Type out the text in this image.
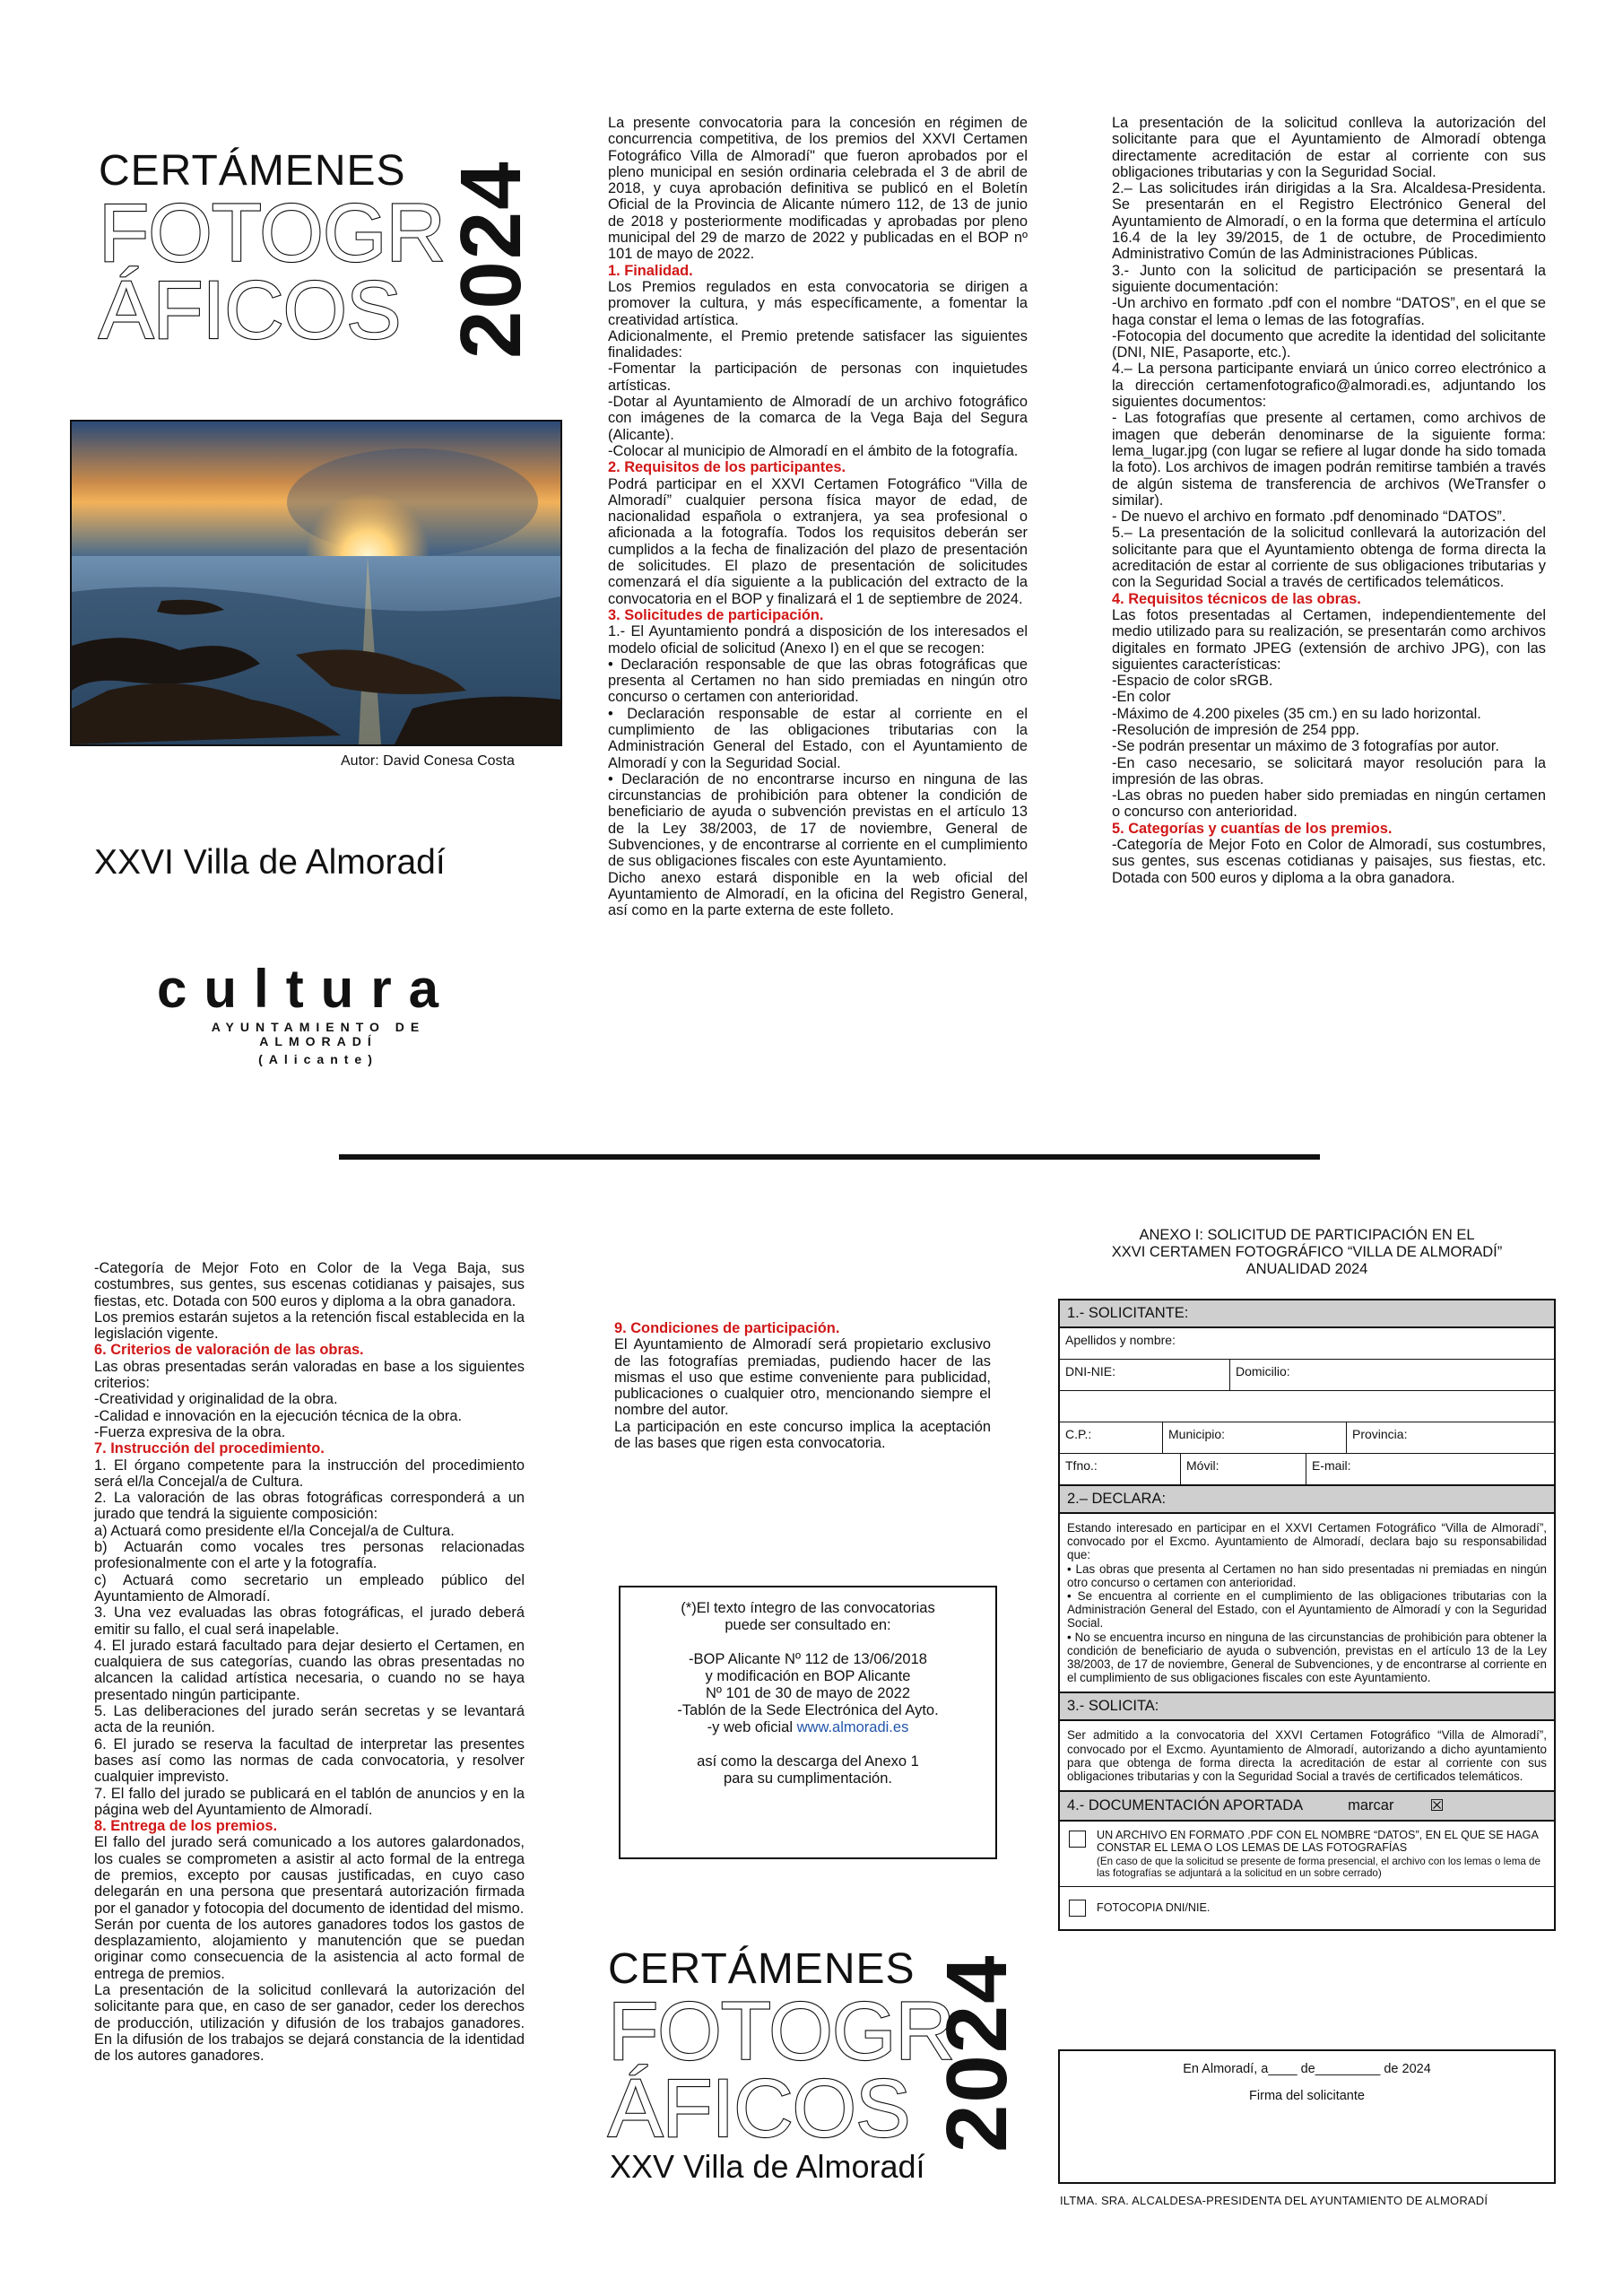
CERTÁMENES
FOTOGR
ÁFICOS 2024
Autor: David Conesa Costa
XXVI Villa de Almoradí
cultura
AYUNTAMIENTO DE ALMORADÍ
(Alicante)

La presente convocatoria para la concesión en régimen de concurrencia competitiva, de los premios del XXVI Certamen Fotográfico Villa de Almoradí" que fueron aprobados por el pleno municipal en sesión ordinaria celebrada el 3 de abril de 2018, y cuya aprobación definitiva se publicó en el Boletín Oficial de la Provincia de Alicante número 112, de 13 de junio de 2018 y posteriormente modificadas y aprobadas por pleno municipal del 29 de marzo de 2022 y publicadas en el BOP nº 101 de mayo de 2022.

1. Finalidad.

Los Premios regulados en esta convocatoria se dirigen a promover la cultura, y más específicamente, a fomentar la creatividad artística.

Adicionalmente, el Premio pretende satisfacer las siguientes finalidades:

-Fomentar la participación de personas con inquietudes artísticas.

-Dotar al Ayuntamiento de Almoradí de un archivo fotográfico con imágenes de la comarca de la Vega Baja del Segura (Alicante).

-Colocar al municipio de Almoradí en el ámbito de la fotografía.

2. Requisitos de los participantes.

Podrá participar en el XXVI Certamen Fotográfico “Villa de Almoradí” cualquier persona física mayor de edad, de nacionalidad española o extranjera, ya sea profesional o aficionada a la fotografía. Todos los requisitos deberán ser cumplidos a la fecha de finalización del plazo de presentación de solicitudes. El plazo de presentación de solicitudes comenzará el día siguiente a la publicación del extracto de la convocatoria en el BOP y finalizará el 1 de septiembre de 2024.

3. Solicitudes de participación.

1.- El Ayuntamiento pondrá a disposición de los interesados el modelo oficial de solicitud (Anexo I) en el que se recogen:

• Declaración responsable de que las obras fotográficas que presenta al Certamen no han sido premiadas en ningún otro concurso o certamen con anterioridad.

• Declaración responsable de estar al corriente en el cumplimiento de las obligaciones tributarias con la Administración General del Estado, con el Ayuntamiento de Almoradí y con la Seguridad Social.

• Declaración de no encontrarse incurso en ninguna de las circunstancias de prohibición para obtener la condición de beneficiario de ayuda o subvención previstas en el artículo 13 de la Ley 38/2003, de 17 de noviembre, General de Subvenciones, y de encontrarse al corriente en el cumplimiento de sus obligaciones fiscales con este Ayuntamiento.

Dicho anexo estará disponible en la web oficial del Ayuntamiento de Almoradí, en la oficina del Registro General, así como en la parte externa de este folleto.

La presentación de la solicitud conlleva la autorización del solicitante para que el Ayuntamiento de Almoradí obtenga directamente acreditación de estar al corriente con sus obligaciones tributarias y con la Seguridad Social.

2.– Las solicitudes irán dirigidas a la Sra. Alcaldesa-Presidenta. Se presentarán en el Registro Electrónico General del Ayuntamiento de Almoradí, o en la forma que determina el artículo 16.4 de la ley 39/2015, de 1 de octubre, de Procedimiento Administrativo Común de las Administraciones Públicas.

3.- Junto con la solicitud de participación se presentará la siguiente documentación:

-Un archivo en formato .pdf con el nombre “DATOS”, en el que se haga constar el lema o lemas de las fotografías.

-Fotocopia del documento que acredite la identidad del solicitante (DNI, NIE, Pasaporte, etc.).

4.– La persona participante enviará un único correo electrónico a la dirección certamenfotografico@almoradi.es, adjuntando los siguientes documentos:

- Las fotografías que presente al certamen, como archivos de imagen que deberán denominarse de la siguiente forma: lema_lugar.jpg (con lugar se refiere al lugar donde ha sido tomada la foto). Los archivos de imagen podrán remitirse también a través de algún sistema de transferencia de archivos (WeTransfer o similar).

- De nuevo el archivo en formato .pdf denominado “DATOS”.

5.– La presentación de la solicitud conllevará la autorización del solicitante para que el Ayuntamiento obtenga de forma directa la acreditación de estar al corriente de sus obligaciones tributarias y con la Seguridad Social a través de certificados telemáticos.

4. Requisitos técnicos de las obras.

Las fotos presentadas al Certamen, independientemente del medio utilizado para su realización, se presentarán como archivos digitales en formato JPEG (extensión de archivo JPG), con las siguientes características:

-Espacio de color sRGB.

-En color

-Máximo de 4.200 pixeles (35 cm.) en su lado horizontal.

-Resolución de impresión de 254 ppp.

-Se podrán presentar un máximo de 3 fotografías por autor.

-En caso necesario, se solicitará mayor resolución para la impresión de las obras.

-Las obras no pueden haber sido premiadas en ningún certamen o concurso con anterioridad.

5. Categorías y cuantías de los premios.

-Categoría de Mejor Foto en Color de Almoradí, sus costumbres, sus gentes, sus escenas cotidianas y paisajes, sus fiestas, etc. Dotada con 500 euros y diploma a la obra ganadora.

-Categoría de Mejor Foto en Color de la Vega Baja, sus costumbres, sus gentes, sus escenas cotidianas y paisajes, sus fiestas, etc. Dotada con 500 euros y diploma a la obra ganadora.

Los premios estarán sujetos a la retención fiscal establecida en la legislación vigente.

6. Criterios de valoración de las obras.

Las obras presentadas serán valoradas en base a los siguientes criterios:

-Creatividad y originalidad de la obra.

-Calidad e innovación en la ejecución técnica de la obra.

-Fuerza expresiva de la obra.

7. Instrucción del procedimiento.

1. El órgano competente para la instrucción del procedimiento será el/la Concejal/a de Cultura.

2. La valoración de las obras fotográficas corresponderá a un jurado que tendrá la siguiente composición:

a) Actuará como presidente el/la Concejal/a de Cultura.

b) Actuarán como vocales tres personas relacionadas profesionalmente con el arte y la fotografía.

c) Actuará como secretario un empleado público del Ayuntamiento de Almoradí.

3. Una vez evaluadas las obras fotográficas, el jurado deberá emitir su fallo, el cual será inapelable.

4. El jurado estará facultado para dejar desierto el Certamen, en cualquiera de sus categorías, cuando las obras presentadas no alcancen la calidad artística necesaria, o cuando no se haya presentado ningún participante.

5. Las deliberaciones del jurado serán secretas y se levantará acta de la reunión.

6. El jurado se reserva la facultad de interpretar las presentes bases así como las normas de cada convocatoria, y resolver cualquier imprevisto.

7. El fallo del jurado se publicará en el tablón de anuncios y en la página web del Ayuntamiento de Almoradí.

8. Entrega de los premios.

El fallo del jurado será comunicado a los autores galardonados, los cuales se comprometen a asistir al acto formal de la entrega de premios, excepto por causas justificadas, en cuyo caso delegarán en una persona que presentará autorización firmada por el ganador y fotocopia del documento de identidad del mismo.

Serán por cuenta de los autores ganadores todos los gastos de desplazamiento, alojamiento y manutención que se puedan originar como consecuencia de la asistencia al acto formal de entrega de premios.

La presentación de la solicitud conllevará la autorización del solicitante para que, en caso de ser ganador, ceder los derechos de producción, utilización y difusión de los trabajos ganadores. En la difusión de los trabajos se dejará constancia de la identidad de los autores ganadores.

9. Condiciones de participación.

El Ayuntamiento de Almoradí será propietario exclusivo de las fotografías premiadas, pudiendo hacer de las mismas el uso que estime conveniente para publicidad, publicaciones o cualquier otro, mencionando siempre el nombre del autor.

La participación en este concurso implica la aceptación de las bases que rigen esta convocatoria.

(*)El texto íntegro de las convocatorias

puede ser consultado en:

-BOP Alicante Nº 112 de 13/06/2018

y modificación en BOP Alicante

Nº 101 de 30 de mayo de 2022

-Tablón de la Sede Electrónica del Ayto.

-y web oficial www.almoradi.es

así como la descarga del Anexo 1

para su cumplimentación.

CERTÁMENES
FOTOGR
ÁFICOS 2024
XXV Villa de Almoradí
ANEXO I: SOLICITUD DE PARTICIPACIÓN EN EL
XXVI CERTAMEN FOTOGRÁFICO “VILLA DE ALMORADÍ”
ANUALIDAD 2024
1.- SOLICITANTE:
Apellidos y nombre:
DNI-NIE:	Domicilio:
C.P.:	Municipio:	Provincia:
Tfno.:	Móvil:	E-mail:
2.– DECLARA:

Estando interesado en participar en el XXVI Certamen Fotográfico “Villa de Almoradí”, convocado por el Excmo. Ayuntamiento de Almoradí, declara bajo su responsabilidad que:

• Las obras que presenta al Certamen no han sido presentadas ni premiadas en ningún otro concurso o certamen con anterioridad.

• Se encuentra al corriente en el cumplimiento de las obligaciones tributarias con la Administración General del Estado, con el Ayuntamiento de Almoradí y con la Seguridad Social.

• No se encuentra incurso en ninguna de las circunstancias de prohibición para obtener la condición de beneficiario de ayuda o subvención, previstas en el artículo 13 de la Ley 38/2003, de 17 de noviembre, General de Subvenciones, y de encontrarse al corriente en el cumplimiento de sus obligaciones fiscales con este Ayuntamiento.

3.- SOLICITA:

Ser admitido a la convocatoria del XXVI Certamen Fotográfico “Villa de Almoradí”, convocado por el Excmo. Ayuntamiento de Almoradí, autorizando a dicho ayuntamiento para que obtenga de forma directa la acreditación de estar al corriente con sus obligaciones tributarias y con la Seguridad Social a través de certificados telemáticos.

4.- DOCUMENTACIÓN APORTADA	marcar ☒
UN ARCHIVO EN FORMATO .PDF CON EL NOMBRE “DATOS”, EN EL QUE SE HAGA CONSTAR EL LEMA O LOS LEMAS DE LAS FOTOGRAFÍAS
(En caso de que la solicitud se presente de forma presencial, el archivo con los lemas o lema de las fotografías se adjuntará a la solicitud en un sobre cerrado)
FOTOCOPIA DNI/NIE.
En Almoradí, a____ de_________ de 2024
Firma del solicitante
ILTMA. SRA. ALCALDESA-PRESIDENTA DEL AYUNTAMIENTO DE ALMORADÍ
